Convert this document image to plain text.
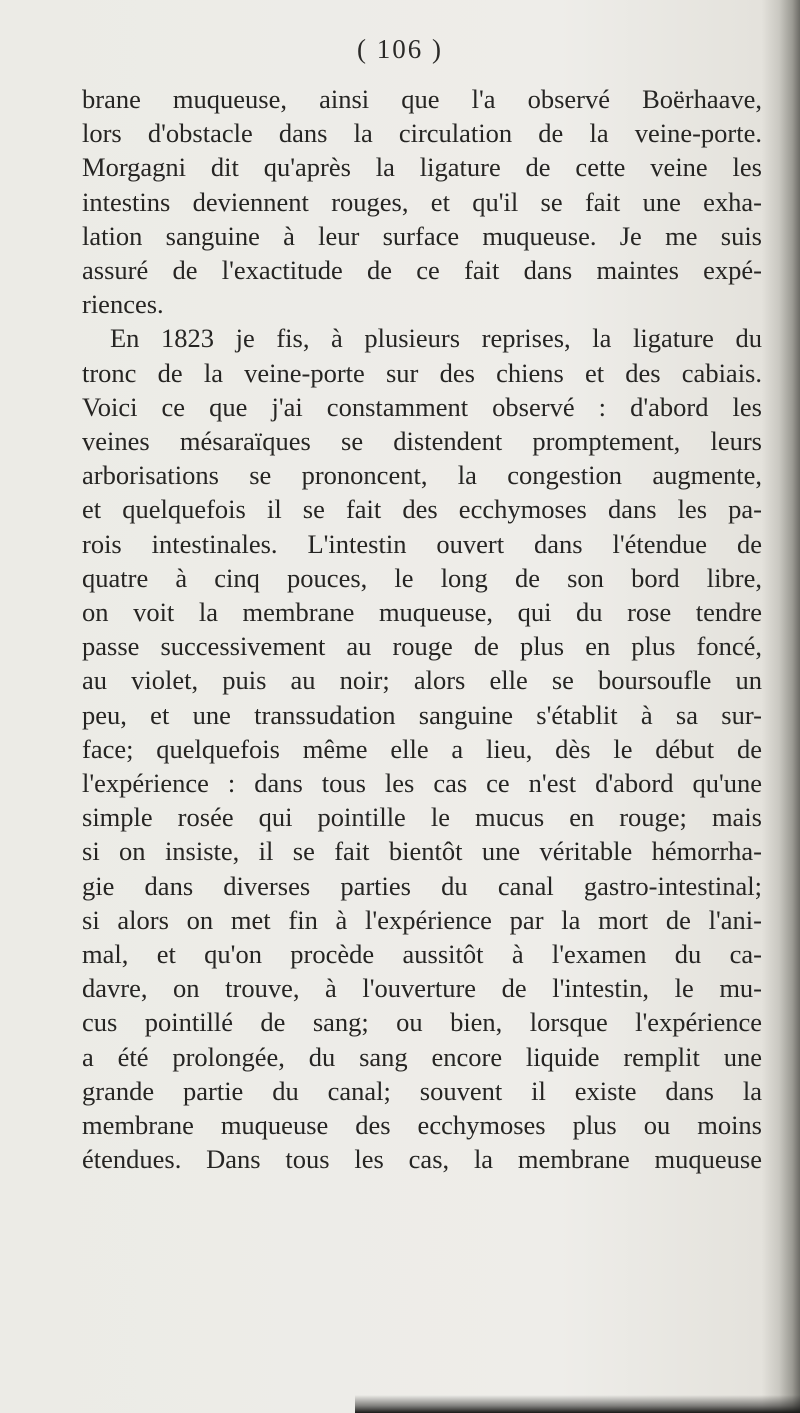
( 106 )
brane muqueuse, ainsi que l'a observé Boërhaave,
lors d'obstacle dans la circulation de la veine-porte.
Morgagni dit qu'après la ligature de cette veine les
intestins deviennent rouges, et qu'il se fait une exha-
lation sanguine à leur surface muqueuse. Je me suis
assuré de l'exactitude de ce fait dans maintes expé-
riences.
En 1823 je fis, à plusieurs reprises, la ligature du
tronc de la veine-porte sur des chiens et des cabiais.
Voici ce que j'ai constamment observé : d'abord les
veines mésaraïques se distendent promptement, leurs
arborisations se prononcent, la congestion augmente,
et quelquefois il se fait des ecchymoses dans les pa-
rois intestinales. L'intestin ouvert dans l'étendue de
quatre à cinq pouces, le long de son bord libre,
on voit la membrane muqueuse, qui du rose tendre
passe successivement au rouge de plus en plus foncé,
au violet, puis au noir; alors elle se boursoufle un
peu, et une transsudation sanguine s'établit à sa sur-
face; quelquefois même elle a lieu, dès le début de
l'expérience : dans tous les cas ce n'est d'abord qu'une
simple rosée qui pointille le mucus en rouge; mais
si on insiste, il se fait bientôt une véritable hémorrha-
gie dans diverses parties du canal gastro-intestinal;
si alors on met fin à l'expérience par la mort de l'ani-
mal, et qu'on procède aussitôt à l'examen du ca-
davre, on trouve, à l'ouverture de l'intestin, le mu-
cus pointillé de sang; ou bien, lorsque l'expérience
a été prolongée, du sang encore liquide remplit une
grande partie du canal; souvent il existe dans la
membrane muqueuse des ecchymoses plus ou moins
étendues. Dans tous les cas, la membrane muqueuse
